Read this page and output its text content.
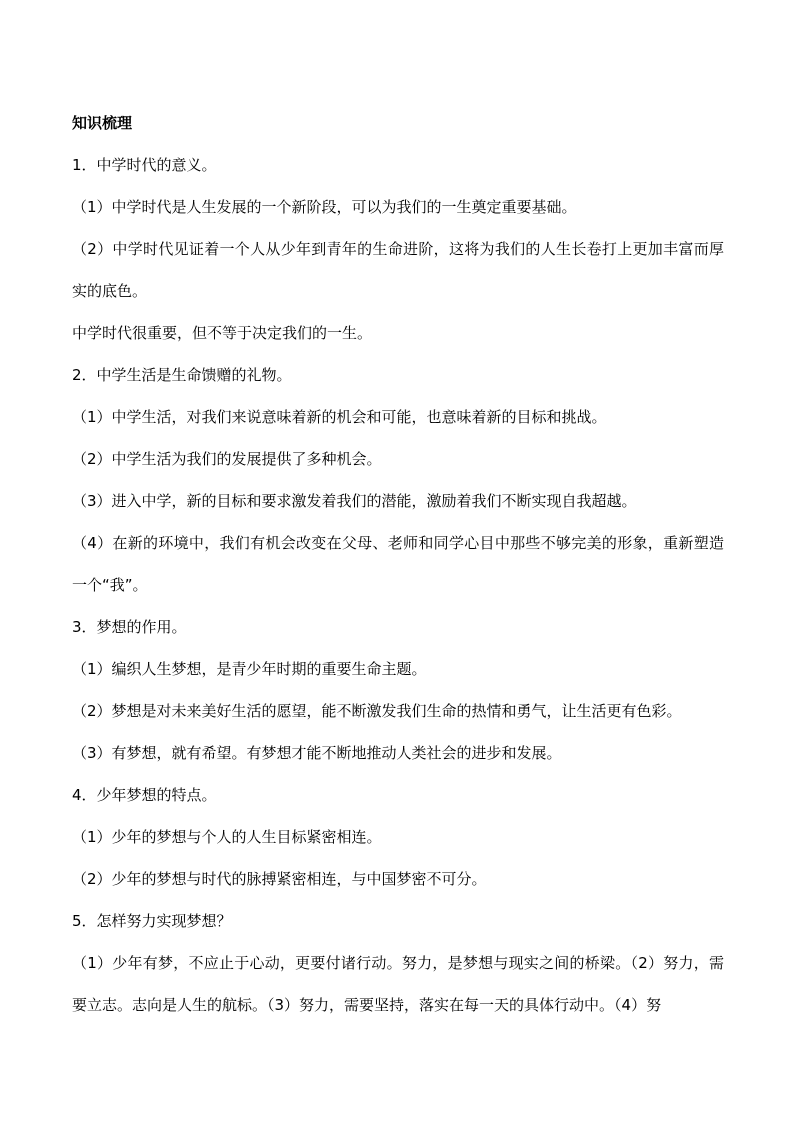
知识梳理

1．中学时代的意义。

（1）中学时代是人生发展的一个新阶段，可以为我们的一生奠定重要基础。

（2）中学时代见证着一个人从少年到青年的生命进阶，这将为我们的人生长卷打上更加丰富而厚实的底色。

中学时代很重要，但不等于决定我们的一生。

2．中学生活是生命馈赠的礼物。

（1）中学生活，对我们来说意味着新的机会和可能，也意味着新的目标和挑战。

（2）中学生活为我们的发展提供了多种机会。

（3）进入中学，新的目标和要求激发着我们的潜能，激励着我们不断实现自我超越。

（4）在新的环境中，我们有机会改变在父母、老师和同学心目中那些不够完美的形象，重新塑造一个“我”。

3．梦想的作用。

（1）编织人生梦想，是青少年时期的重要生命主题。

（2）梦想是对未来美好生活的愿望，能不断激发我们生命的热情和勇气，让生活更有色彩。

（3）有梦想，就有希望。有梦想才能不断地推动人类社会的进步和发展。

4．少年梦想的特点。

（1）少年的梦想与个人的人生目标紧密相连。

（2）少年的梦想与时代的脉搏紧密相连，与中国梦密不可分。

5．怎样努力实现梦想？

（1）少年有梦，不应止于心动，更要付诸行动。努力，是梦想与现实之间的桥梁。（2）努力，需要立志。志向是人生的航标。（3）努力，需要坚持，落实在每一天的具体行动中。（4）努
